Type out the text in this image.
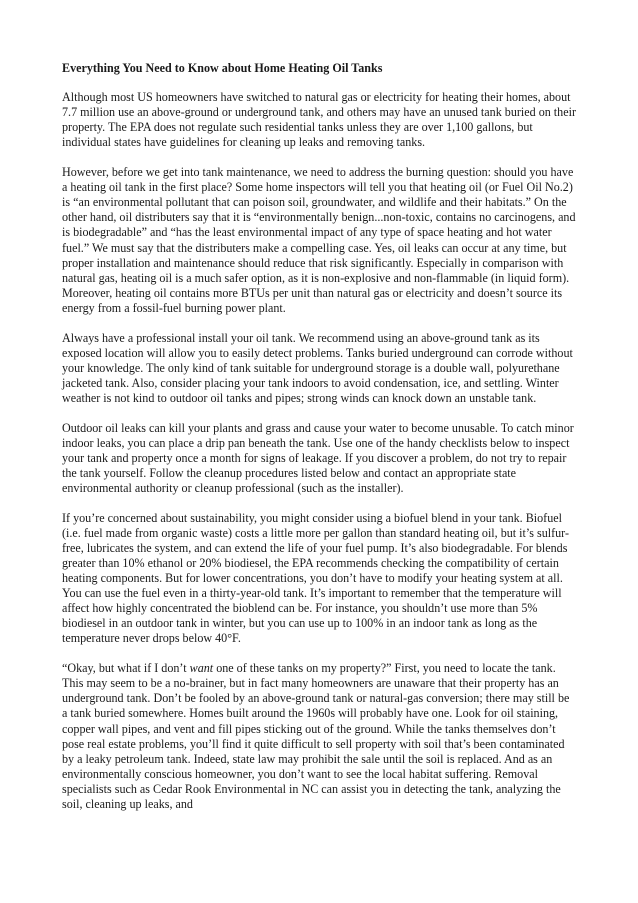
Everything You Need to Know about Home Heating Oil Tanks

Although most US homeowners have switched to natural gas or electricity for heating their homes, about 7.7 million use an above-ground or underground tank, and others may have an unused tank buried on their property. The EPA does not regulate such residential tanks unless they are over 1,100 gallons, but individual states have guidelines for cleaning up leaks and removing tanks.

However, before we get into tank maintenance, we need to address the burning question: should you have a heating oil tank in the first place? Some home inspectors will tell you that heating oil (or Fuel Oil No.2) is “an environmental pollutant that can poison soil, groundwater, and wildlife and their habitats.” On the other hand, oil distributers say that it is “environmentally benign...non-toxic, contains no carcinogens, and is biodegradable” and “has the least environmental impact of any type of space heating and hot water fuel.” We must say that the distributers make a compelling case. Yes, oil leaks can occur at any time, but proper installation and maintenance should reduce that risk significantly. Especially in comparison with natural gas, heating oil is a much safer option, as it is non-explosive and non-flammable (in liquid form). Moreover, heating oil contains more BTUs per unit than natural gas or electricity and doesn’t source its energy from a fossil-fuel burning power plant.

Always have a professional install your oil tank. We recommend using an above-ground tank as its exposed location will allow you to easily detect problems. Tanks buried underground can corrode without your knowledge. The only kind of tank suitable for underground storage is a double wall, polyurethane jacketed tank. Also, consider placing your tank indoors to avoid condensation, ice, and settling. Winter weather is not kind to outdoor oil tanks and pipes; strong winds can knock down an unstable tank.

Outdoor oil leaks can kill your plants and grass and cause your water to become unusable. To catch minor indoor leaks, you can place a drip pan beneath the tank. Use one of the handy checklists below to inspect your tank and property once a month for signs of leakage. If you discover a problem, do not try to repair the tank yourself. Follow the cleanup procedures listed below and contact an appropriate state environmental authority or cleanup professional (such as the installer).

If you’re concerned about sustainability, you might consider using a biofuel blend in your tank. Biofuel (i.e. fuel made from organic waste) costs a little more per gallon than standard heating oil, but it’s sulfur-free, lubricates the system, and can extend the life of your fuel pump. It’s also biodegradable. For blends greater than 10% ethanol or 20% biodiesel, the EPA recommends checking the compatibility of certain heating components. But for lower concentrations, you don’t have to modify your heating system at all. You can use the fuel even in a thirty-year-old tank. It’s important to remember that the temperature will affect how highly concentrated the bioblend can be. For instance, you shouldn’t use more than 5% biodiesel in an outdoor tank in winter, but you can use up to 100% in an indoor tank as long as the temperature never drops below 40°F.

“Okay, but what if I don’t want one of these tanks on my property?” First, you need to locate the tank. This may seem to be a no-brainer, but in fact many homeowners are unaware that their property has an underground tank. Don’t be fooled by an above-ground tank or natural-gas conversion; there may still be a tank buried somewhere. Homes built around the 1960s will probably have one. Look for oil staining, copper wall pipes, and vent and fill pipes sticking out of the ground. While the tanks themselves don’t pose real estate problems, you’ll find it quite difficult to sell property with soil that’s been contaminated by a leaky petroleum tank. Indeed, state law may prohibit the sale until the soil is replaced. And as an environmentally conscious homeowner, you don’t want to see the local habitat suffering. Removal specialists such as Cedar Rook Environmental in NC can assist you in detecting the tank, analyzing the soil, cleaning up leaks, and
